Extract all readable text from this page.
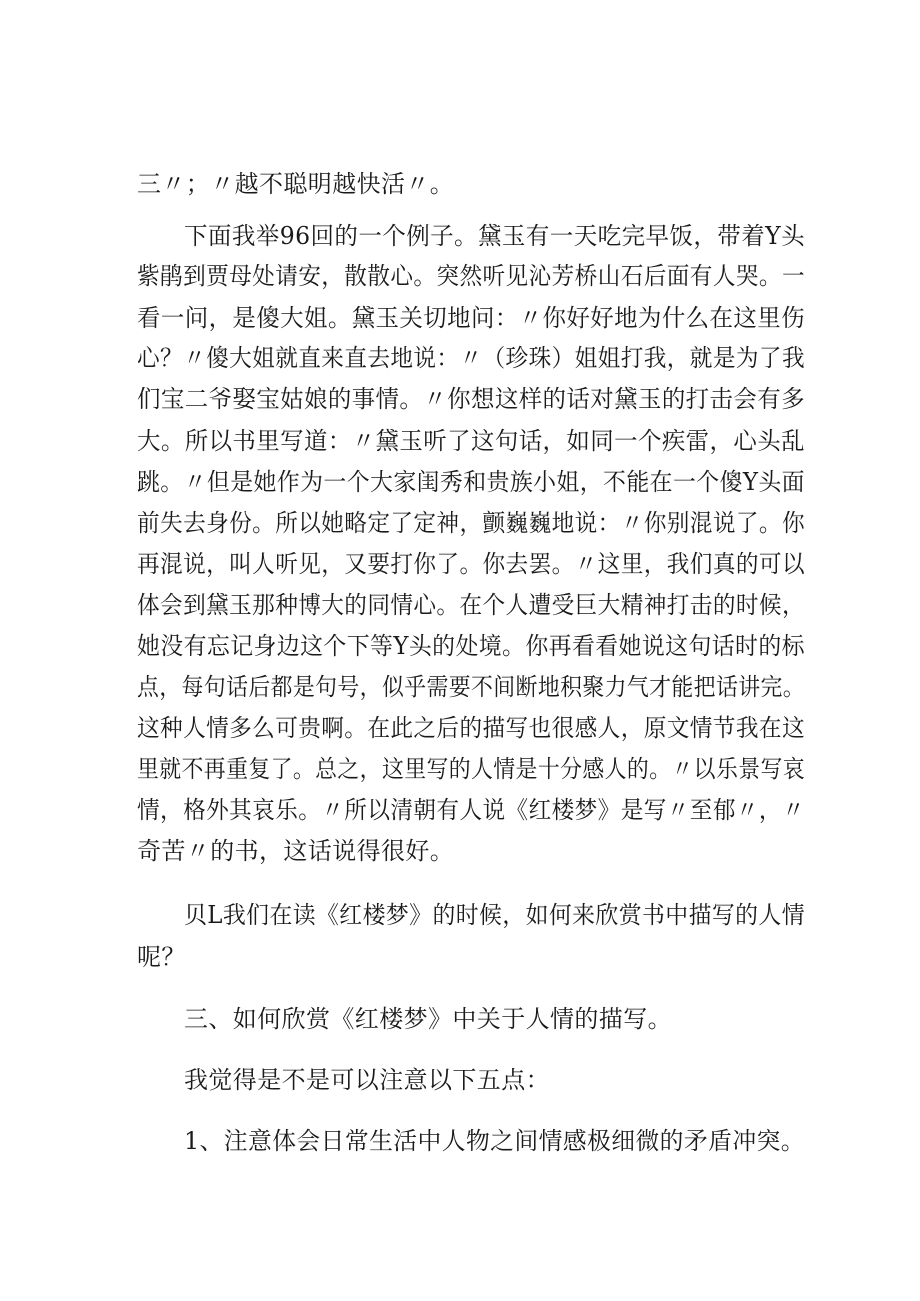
三〃；〃越不聪明越快活〃。
下面我举96回的一个例子。黛玉有一天吃完早饭，带着Y头
紫鹃到贾母处请安，散散心。突然听见沁芳桥山石后面有人哭。一
看一问，是傻大姐。黛玉关切地问：〃你好好地为什么在这里伤
心？〃傻大姐就直来直去地说：〃（珍珠）姐姐打我，就是为了我
们宝二爷娶宝姑娘的事情。〃你想这样的话对黛玉的打击会有多
大。所以书里写道：〃黛玉听了这句话，如同一个疾雷，心头乱
跳。〃但是她作为一个大家闺秀和贵族小姐，不能在一个傻Y头面
前失去身份。所以她略定了定神，颤巍巍地说：〃你别混说了。你
再混说，叫人听见，又要打你了。你去罢。〃这里，我们真的可以
体会到黛玉那种博大的同情心。在个人遭受巨大精神打击的时候，
她没有忘记身边这个下等Y头的处境。你再看看她说这句话时的标
点，每句话后都是句号，似乎需要不间断地积聚力气才能把话讲完。
这种人情多么可贵啊。在此之后的描写也很感人，原文情节我在这
里就不再重复了。总之，这里写的人情是十分感人的。〃以乐景写哀
情，格外其哀乐。〃所以清朝有人说《红楼梦》是写〃至郁〃，〃
奇苦〃的书，这话说得很好。
贝L我们在读《红楼梦》的时候，如何来欣赏书中描写的人情
呢？
三、如何欣赏《红楼梦》中关于人情的描写。
我觉得是不是可以注意以下五点：
1、注意体会日常生活中人物之间情感极细微的矛盾冲突。
